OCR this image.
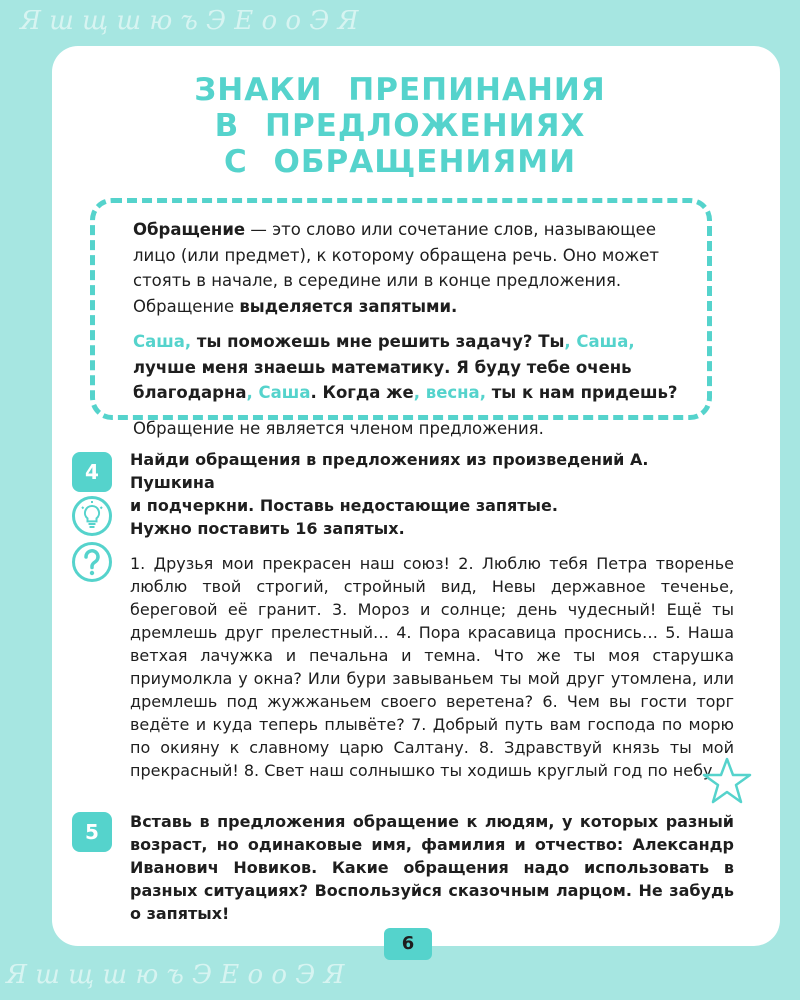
Я ш щ ш ю ъ Э Е о о Э Я
Я ш щ ш ю ъ Э Е о о Э Я
ЗНАКИ ПРЕПИНАНИЯ
В ПРЕДЛОЖЕНИЯХ
С ОБРАЩЕНИЯМИ

Обращение — это слово или сочетание слов, называющее лицо (или предмет), к которому обращена речь. Оно может стоять в начале, в середине или в конце предложения. Обращение выделяется запятыми.

Саша, ты поможешь мне решить задачу? Ты, Саша, лучше меня знаешь математику. Я буду тебе очень благодарна, Саша. Когда же, весна, ты к нам придешь?

Обращение не является членом предложения.

4

Найди обращения в предложениях из произведений А. Пушкина

и подчеркни. Поставь недостающие запятые.

Нужно поставить 16 запятых.

1. Друзья мои прекрасен наш союз! 2. Люблю тебя Петра творенье люблю твой строгий, стройный вид, Невы державное теченье, береговой её гранит. 3. Мороз и солнце; день чудесный! Ещё ты дремлешь друг прелестный… 4. Пора красавица проснись… 5. Наша ветхая лачужка и печальна и темна. Что же ты моя старушка приумолкла у окна? Или бури завываньем ты мой друг утомлена, или дремлешь под жужжаньем своего веретена? 6. Чем вы гости торг ведёте и куда теперь плывёте? 7. Добрый путь вам господа по морю по окияну к славному царю Салтану. 8. Здравствуй князь ты мой прекрасный! 8. Свет наш солнышко ты ходишь круглый год по небу.

5	Вставь в предложения обращение к людям, у которых разный возраст, но одинаковые имя, фамилия и отчество: Александр Иванович Новиков. Какие обращения надо использовать в разных ситуациях? Воспользуйся сказочным ларцом. Не забудь о запятых!

6
